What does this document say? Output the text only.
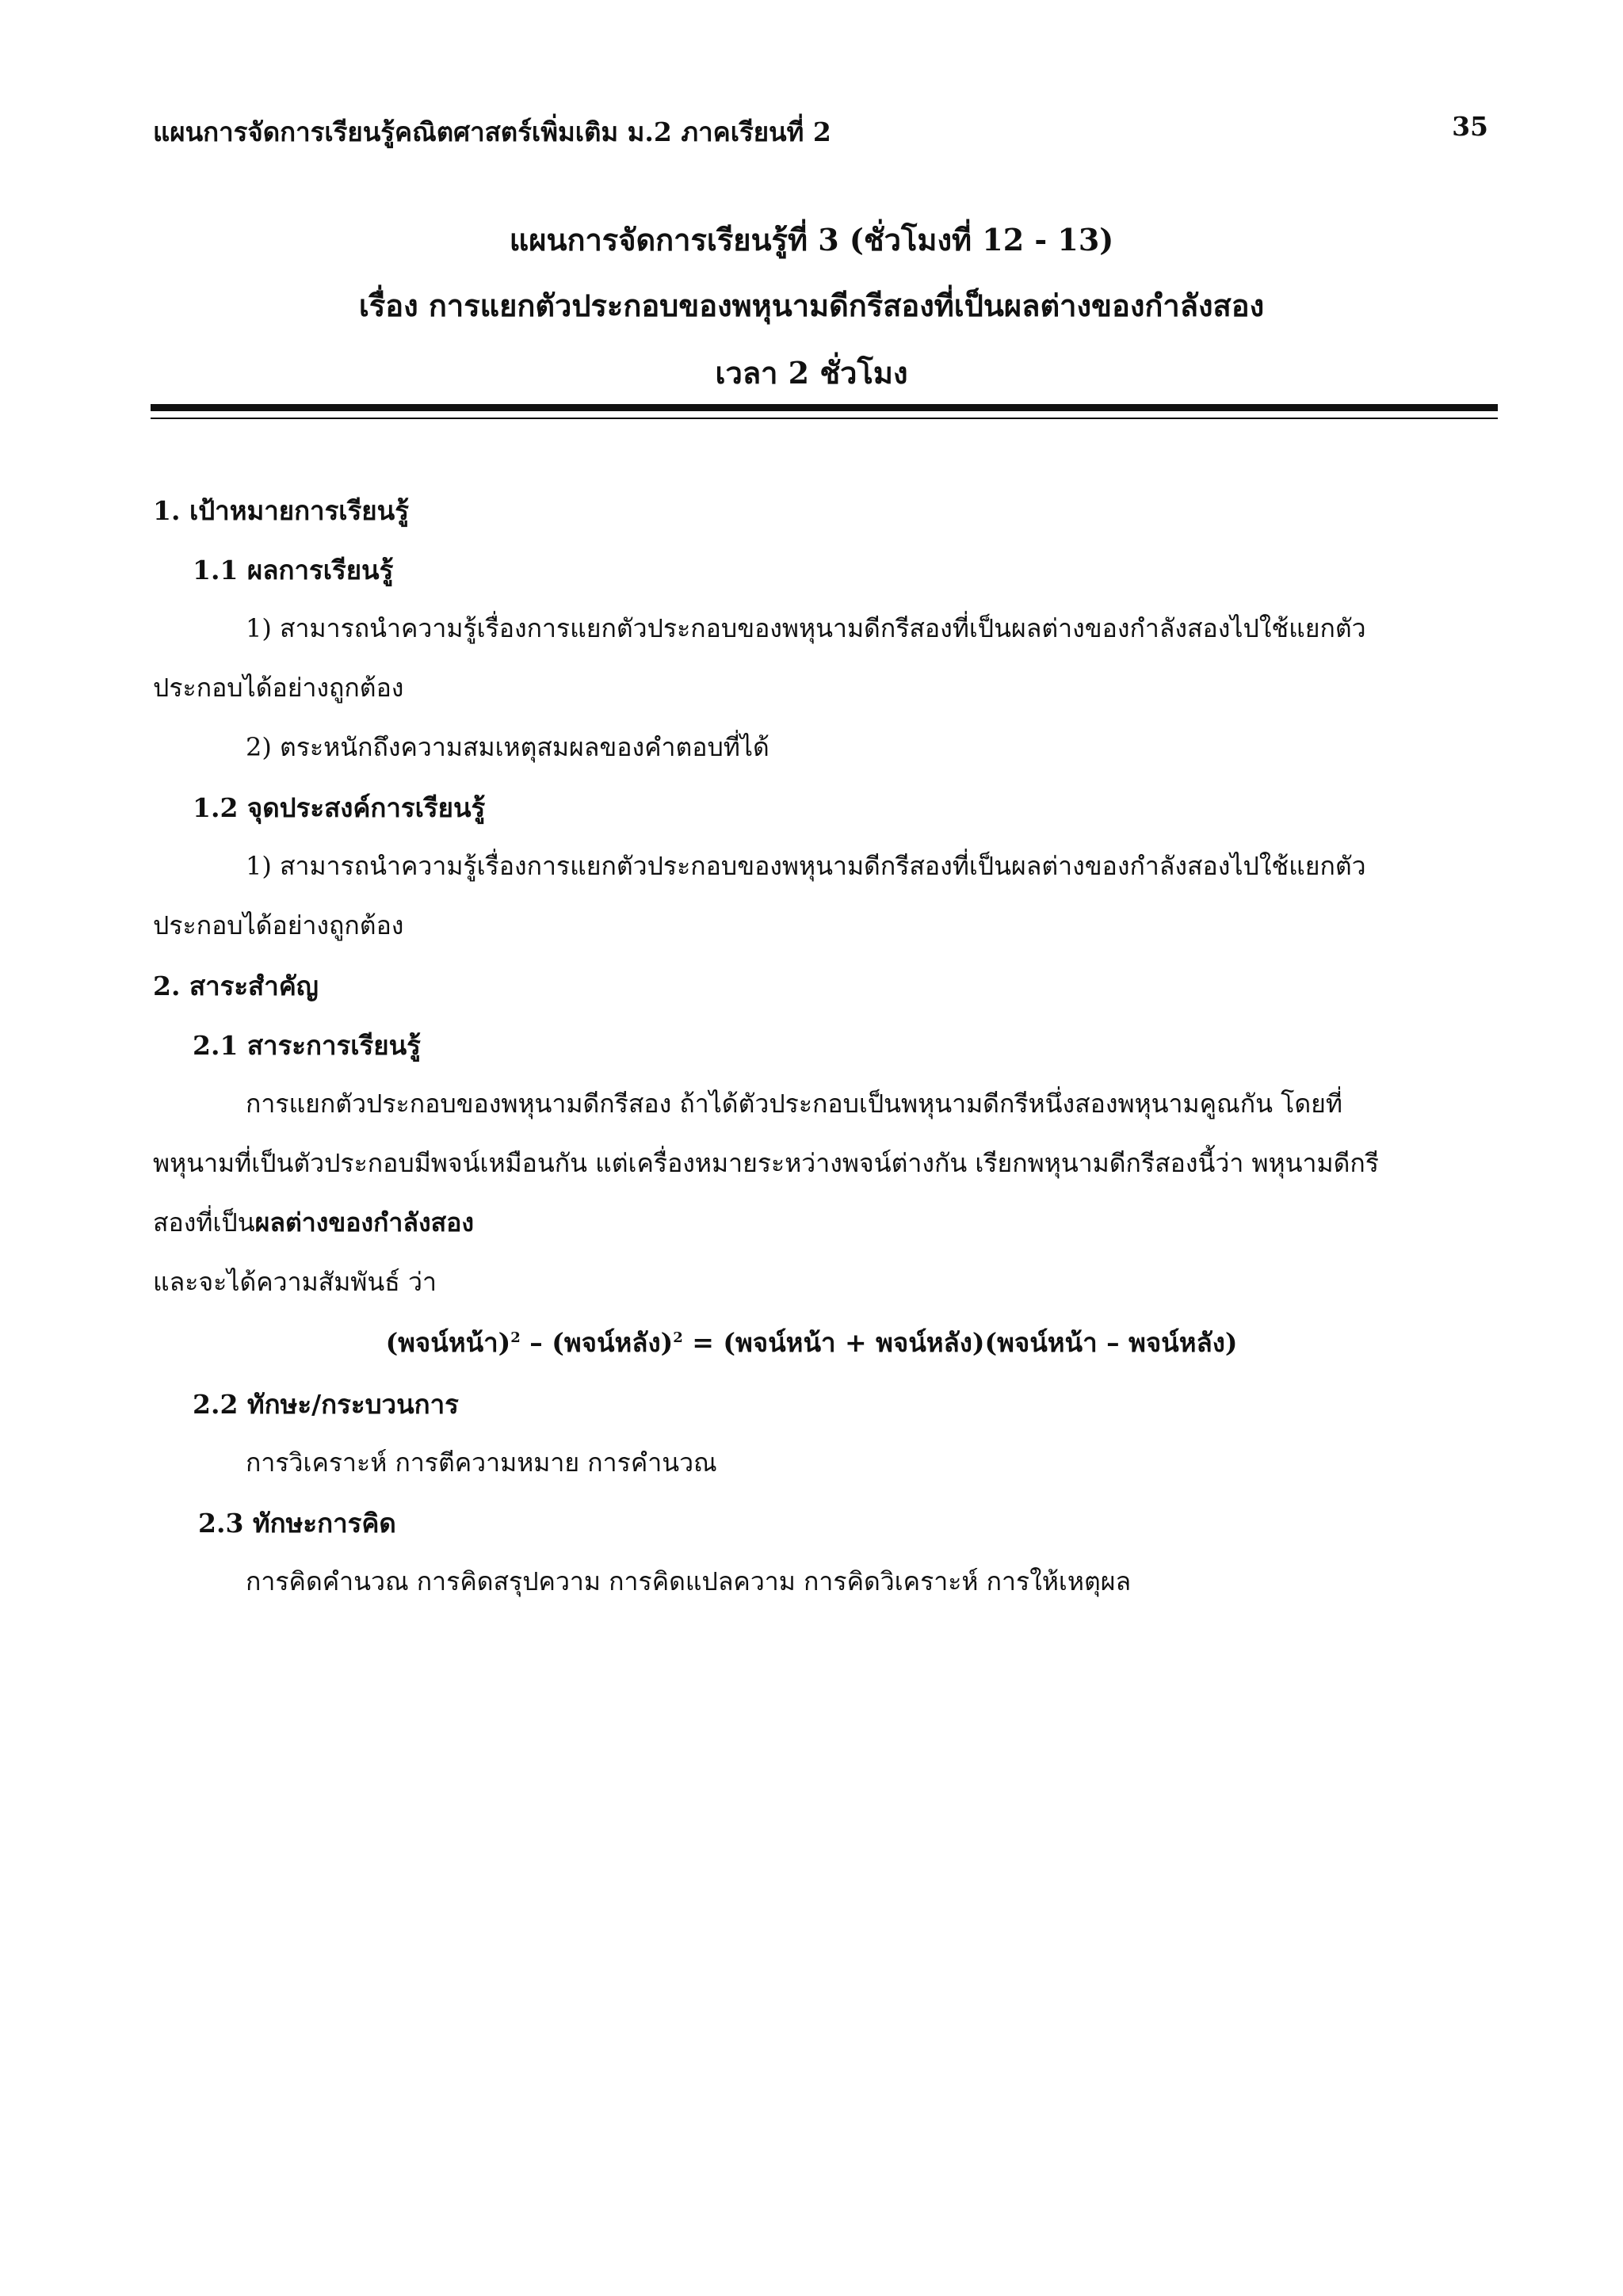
แผนการจัดการเรียนรู้คณิตศาสตร์เพิ่มเติม ม.2 ภาคเรียนที่ 2	35
แผนการจัดการเรียนรู้ที่ 3 (ชั่วโมงที่ 12 - 13)
เรื่อง การแยกตัวประกอบของพหุนามดีกรีสองที่เป็นผลต่างของกำลังสอง
เวลา 2 ชั่วโมง
1. เป้าหมายการเรียนรู้
1.1 ผลการเรียนรู้
1) สามารถนำความรู้เรื่องการแยกตัวประกอบของพหุนามดีกรีสองที่เป็นผลต่างของกำลังสองไปใช้แยกตัว
ประกอบได้อย่างถูกต้อง
2) ตระหนักถึงความสมเหตุสมผลของคำตอบที่ได้
1.2 จุดประสงค์การเรียนรู้
1) สามารถนำความรู้เรื่องการแยกตัวประกอบของพหุนามดีกรีสองที่เป็นผลต่างของกำลังสองไปใช้แยกตัว
ประกอบได้อย่างถูกต้อง
2. สาระสำคัญ
2.1 สาระการเรียนรู้
การแยกตัวประกอบของพหุนามดีกรีสอง ถ้าได้ตัวประกอบเป็นพหุนามดีกรีหนึ่งสองพหุนามคูณกัน โดยที่
พหุนามที่เป็นตัวประกอบมีพจน์เหมือนกัน แต่เครื่องหมายระหว่างพจน์ต่างกัน เรียกพหุนามดีกรีสองนี้ว่า พหุนามดีกรี
สองที่เป็นผลต่างของกำลังสอง
และจะได้ความสัมพันธ์ ว่า
(พจน์หน้า)$^2$ – (พจน์หลัง)$^2$ = (พจน์หน้า + พจน์หลัง)(พจน์หน้า – พจน์หลัง)
2.2 ทักษะ/กระบวนการ
การวิเคราะห์ การตีความหมาย การคำนวณ
2.3 ทักษะการคิด
การคิดคำนวณ การคิดสรุปความ การคิดแปลความ การคิดวิเคราะห์ การให้เหตุผล
